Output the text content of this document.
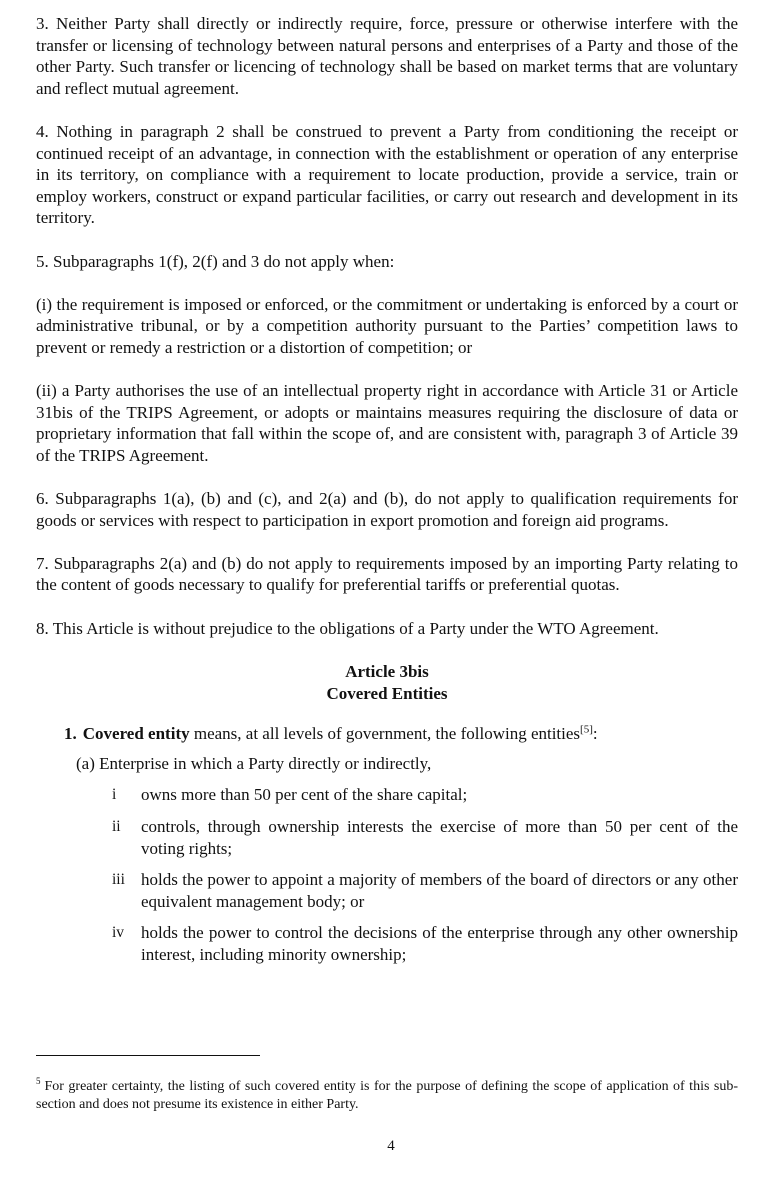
3. Neither Party shall directly or indirectly require, force, pressure or otherwise interfere with the transfer or licensing of technology between natural persons and enterprises of a Party and those of the other Party. Such transfer or licencing of technology shall be based on market terms that are voluntary and reflect mutual agreement.

4. Nothing in paragraph 2 shall be construed to prevent a Party from conditioning the receipt or continued receipt of an advantage, in connection with the establishment or operation of any enterprise in its territory, on compliance with a requirement to locate production, provide a service, train or employ workers, construct or expand particular facilities, or carry out research and development in its territory.

5. Subparagraphs 1(f), 2(f) and 3 do not apply when:

(i) the requirement is imposed or enforced, or the commitment or undertaking is enforced by a court or administrative tribunal, or by a competition authority pursuant to the Parties’ competition laws to prevent or remedy a restriction or a distortion of competition; or

(ii) a Party authorises the use of an intellectual property right in accordance with Article 31 or Article 31bis of the TRIPS Agreement, or adopts or maintains measures requiring the disclosure of data or proprietary information that fall within the scope of, and are consistent with, paragraph 3 of Article 39 of the TRIPS Agreement.

6. Subparagraphs 1(a), (b) and (c), and 2(a) and (b), do not apply to qualification requirements for goods or services with respect to participation in export promotion and foreign aid programs.

7. Subparagraphs 2(a) and (b) do not apply to requirements imposed by an importing Party relating to the content of goods necessary to qualify for preferential tariffs or preferential quotas.

8. This Article is without prejudice to the obligations of a Party under the WTO Agreement.

Article 3bis

Covered Entities

1. Covered entity means, at all levels of government, the following entities[5]:

(a) Enterprise in which a Party directly or indirectly,

i	owns more than 50 per cent of the share capital;
ii	controls, through ownership interests the exercise of more than 50 per cent of the voting rights;
iii holds the power to appoint a majority of members of the board of directors or any other equivalent management body; or
iv holds the power to control the decisions of the enterprise through any other ownership interest, including minority ownership;

$^5$ For greater certainty, the listing of such covered entity is for the purpose of defining the scope of application of this sub-section and does not presume its existence in either Party.

4
